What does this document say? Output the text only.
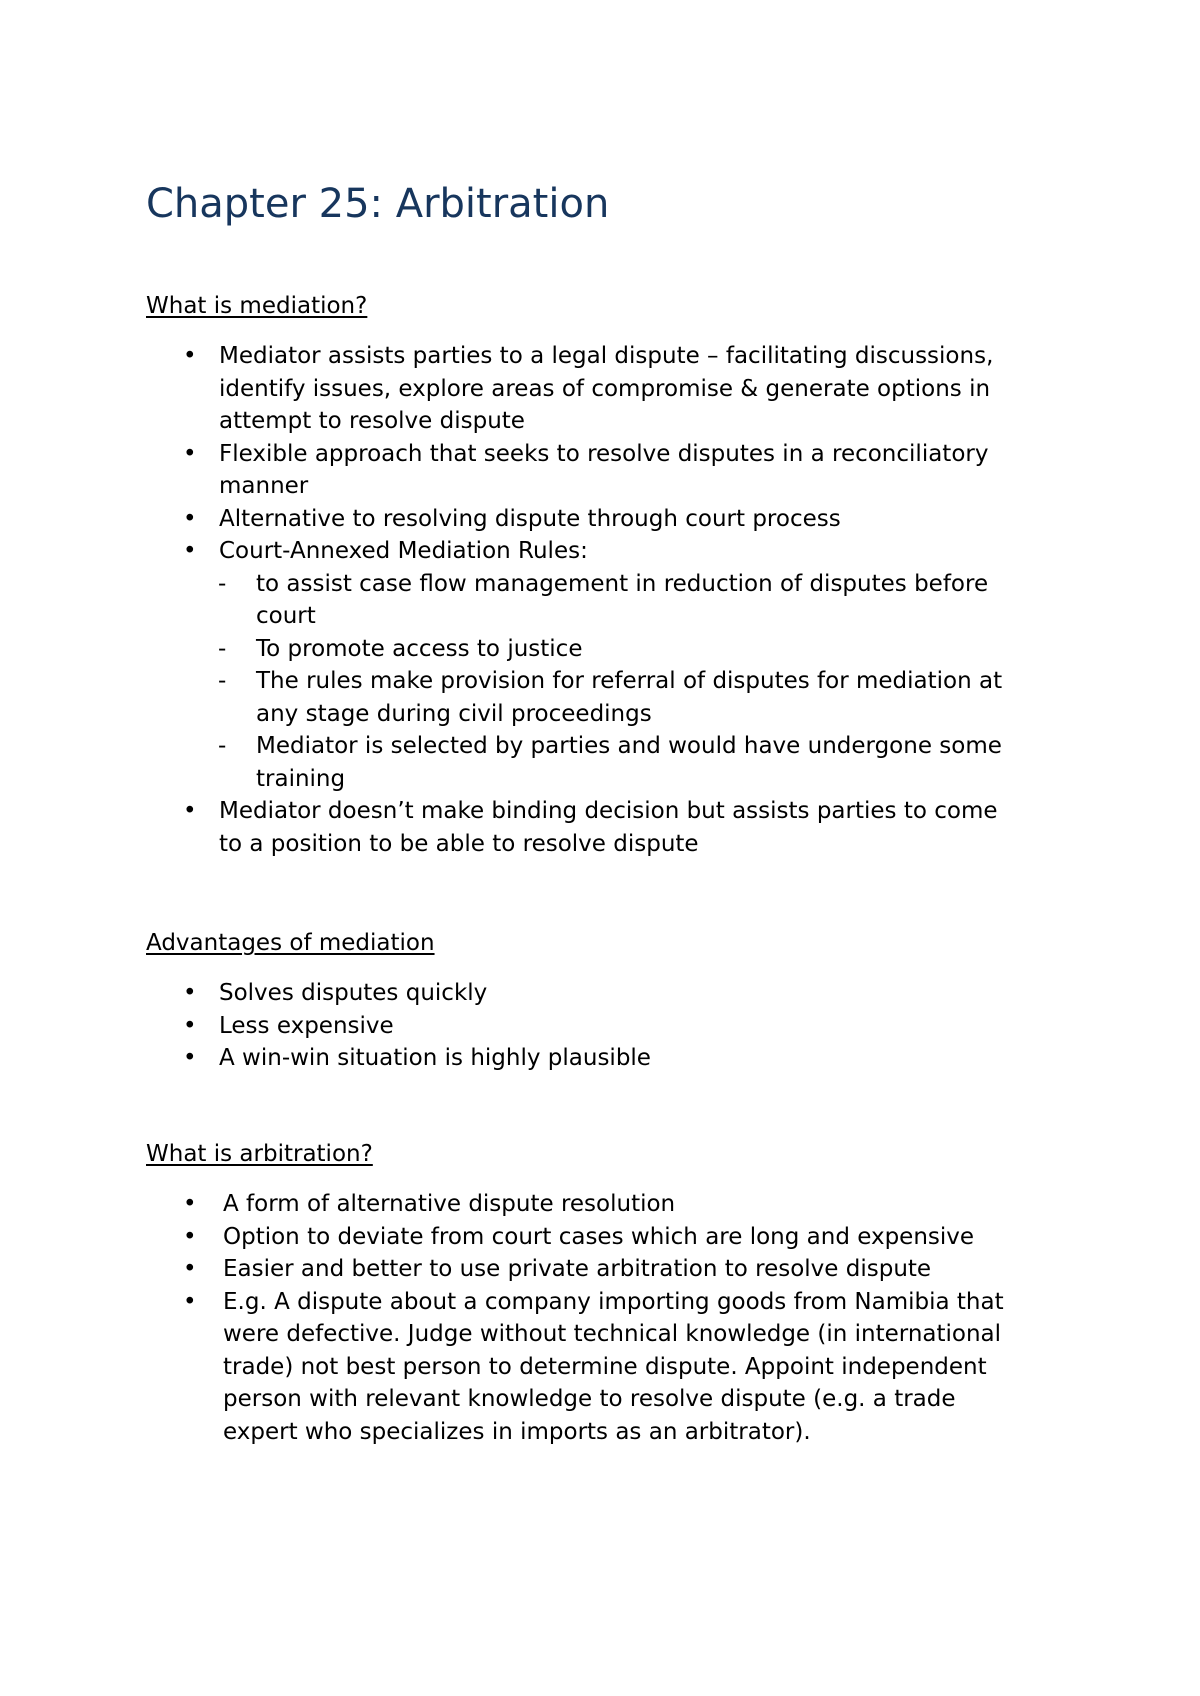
Chapter 25: Arbitration
What is mediation?
• Mediator assists parties to a legal dispute – facilitating discussions,
identify issues, explore areas of compromise & generate options in
attempt to resolve dispute
• Flexible approach that seeks to resolve disputes in a reconciliatory
manner
• Alternative to resolving dispute through court process
• Court-Annexed Mediation Rules:
- to assist case flow management in reduction of disputes before
court
- To promote access to justice
- The rules make provision for referral of disputes for mediation at
any stage during civil proceedings
- Mediator is selected by parties and would have undergone some
training
• Mediator doesn’t make binding decision but assists parties to come
to a position to be able to resolve dispute
Advantages of mediation
• Solves disputes quickly
• Less expensive
• A win-win situation is highly plausible
What is arbitration?
• A form of alternative dispute resolution
• Option to deviate from court cases which are long and expensive
• Easier and better to use private arbitration to resolve dispute
• E.g. A dispute about a company importing goods from Namibia that
were defective. Judge without technical knowledge (in international
trade) not best person to determine dispute. Appoint independent
person with relevant knowledge to resolve dispute (e.g. a trade
expert who specializes in imports as an arbitrator).
